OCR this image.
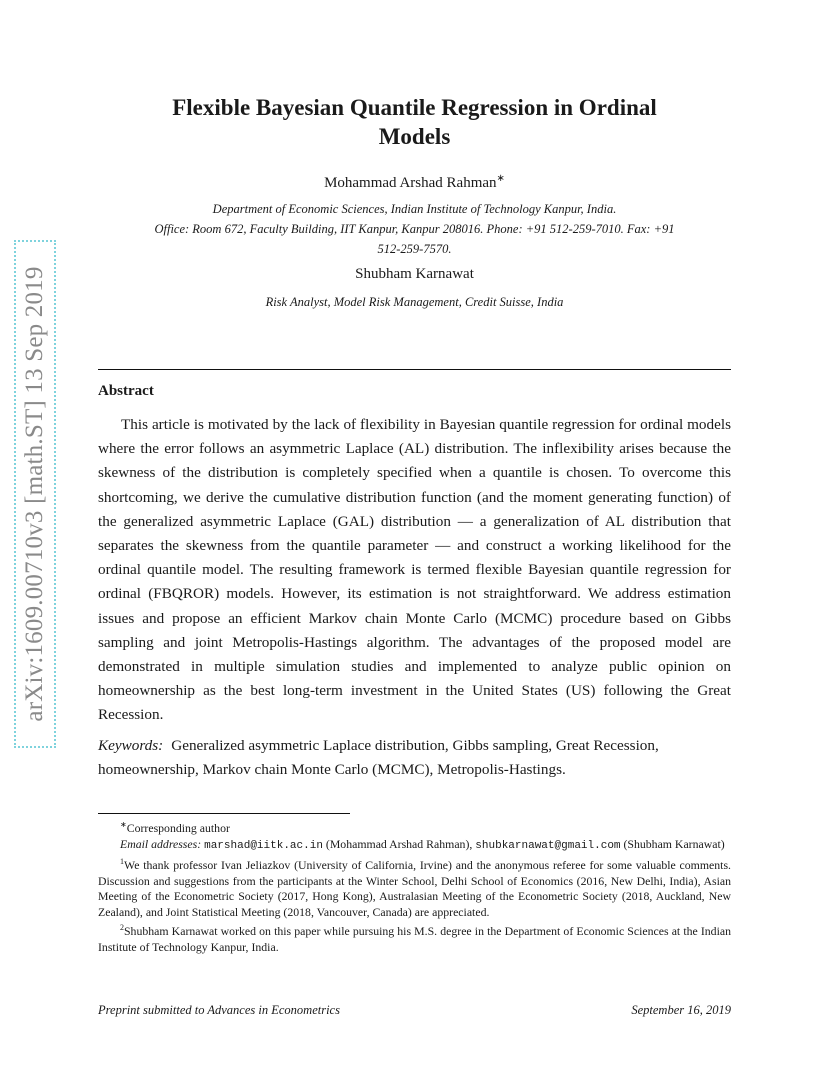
arXiv:1609.00710v3 [math.ST] 13 Sep 2019
Flexible Bayesian Quantile Regression in Ordinal
Models
Mohammad Arshad Rahman∗
Department of Economic Sciences, Indian Institute of Technology Kanpur, India.
Office: Room 672, Faculty Building, IIT Kanpur, Kanpur 208016. Phone: +91 512-259-7010. Fax: +91
512-259-7570.
Shubham Karnawat
Risk Analyst, Model Risk Management, Credit Suisse, India
Abstract

This article is motivated by the lack of flexibility in Bayesian quantile regression for ordinal models where the error follows an asymmetric Laplace (AL) distribution. The inflexibility arises because the skewness of the distribution is completely specified when a quantile is chosen. To overcome this shortcoming, we derive the cumulative distribution function (and the moment generating function) of the generalized asymmetric Laplace (GAL) distribution — a generalization of AL distribution that separates the skewness from the quantile parameter — and construct a working likelihood for the ordinal quantile model. The resulting framework is termed flexible Bayesian quantile regression for ordinal (FBQROR) models. However, its estimation is not straightforward. We address estimation issues and propose an efficient Markov chain Monte Carlo (MCMC) procedure based on Gibbs sampling and joint Metropolis-Hastings algorithm. The advantages of the proposed model are demonstrated in multiple simulation studies and implemented to analyze public opinion on homeownership as the best long-term investment in the United States (US) following the Great Recession.

Keywords: Generalized asymmetric Laplace distribution, Gibbs sampling, Great Recession, homeownership, Markov chain Monte Carlo (MCMC), Metropolis-Hastings.

∗Corresponding author

Email addresses: marshad@iitk.ac.in (Mohammad Arshad Rahman), shubkarnawat@gmail.com (Shubham Karnawat)

$^1$We thank professor Ivan Jeliazkov (University of California, Irvine) and the anonymous referee for some valuable comments. Discussion and suggestions from the participants at the Winter School, Delhi School of Economics (2016, New Delhi, India), Asian Meeting of the Econometric Society (2017, Hong Kong), Australasian Meeting of the Econometric Society (2018, Auckland, New Zealand), and Joint Statistical Meeting (2018, Vancouver, Canada) are appreciated.

$^2$Shubham Karnawat worked on this paper while pursuing his M.S. degree in the Department of Economic Sciences at the Indian Institute of Technology Kanpur, India.

Preprint submitted to Advances in Econometrics	September 16, 2019
